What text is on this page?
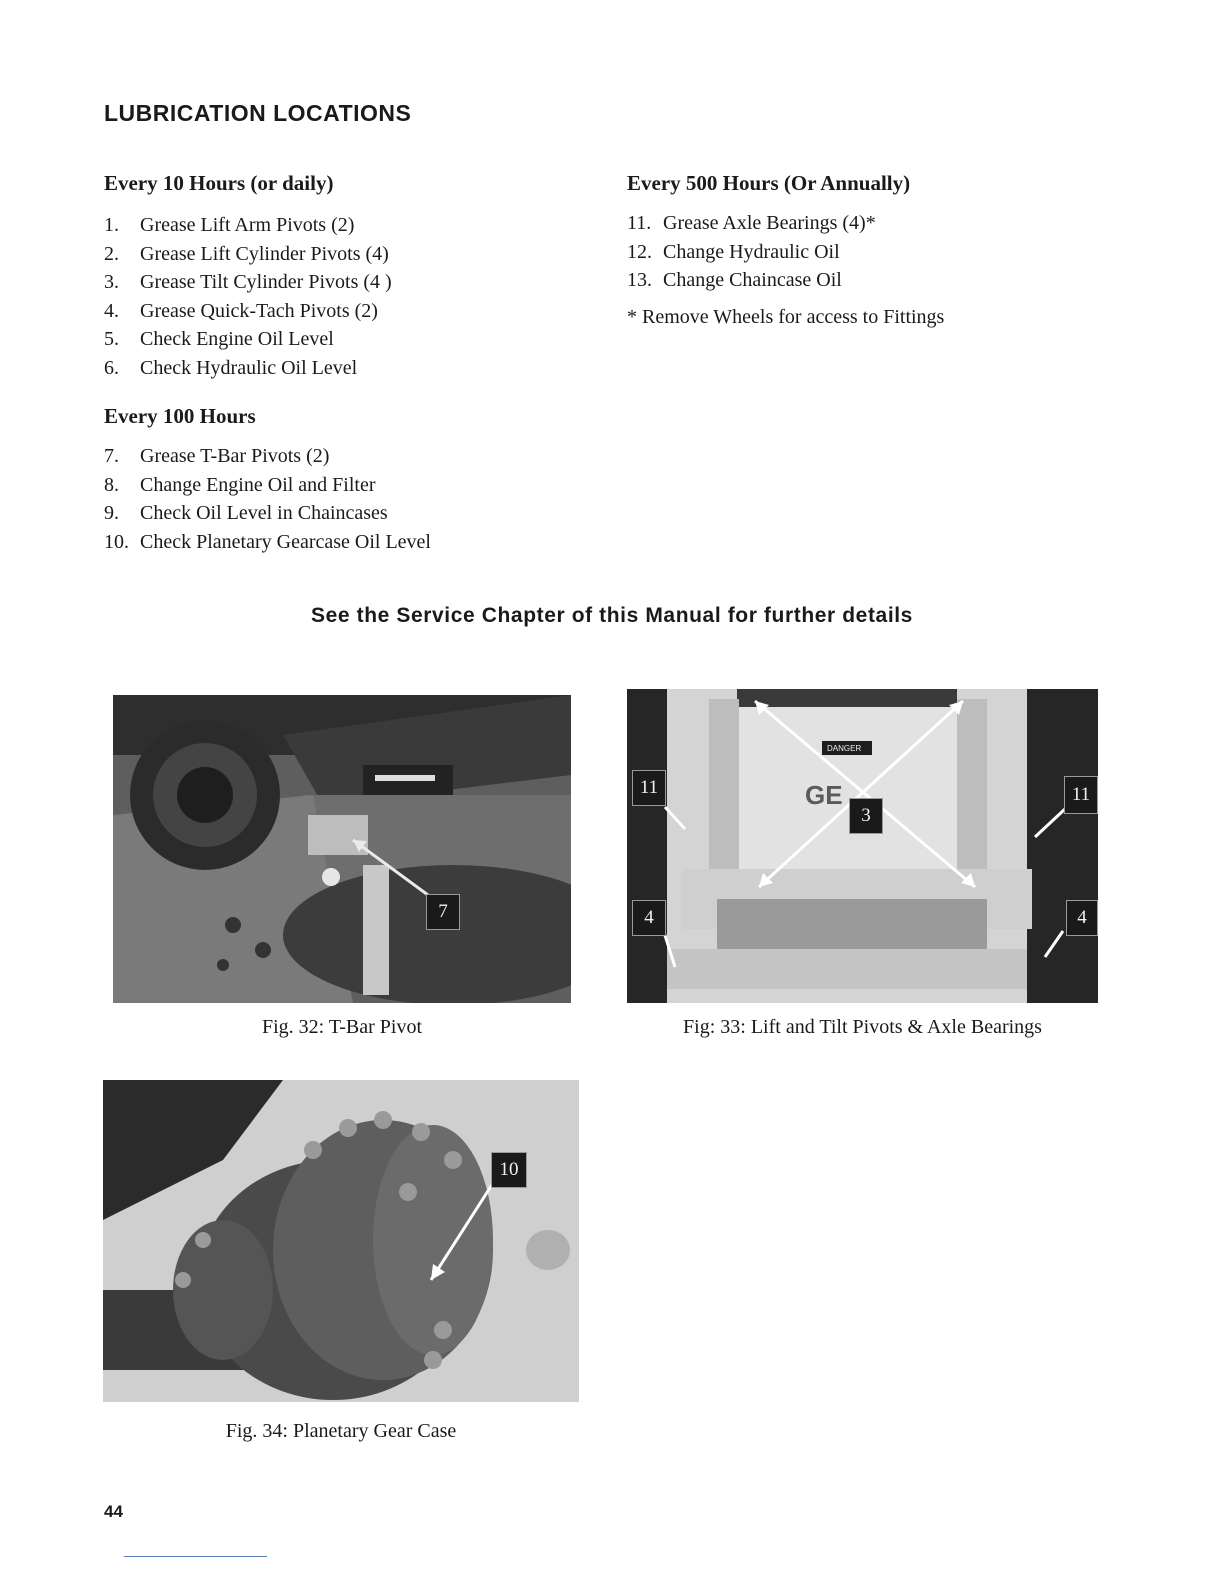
LUBRICATION LOCATIONS
Every 10 Hours (or daily)
1.	Grease Lift Arm Pivots (2)
2.	Grease Lift Cylinder Pivots (4)
3.	Grease Tilt Cylinder Pivots (4 )
4.	Grease Quick-Tach Pivots (2)
5.	Check Engine Oil Level
6.	Check Hydraulic Oil Level
Every 100 Hours
7.	Grease T-Bar Pivots (2)
8.	Change Engine Oil and Filter
9.	Check Oil Level in Chaincases
10. Check Planetary Gearcase Oil Level
Every 500 Hours (Or Annually)
11. Grease Axle Bearings (4)*
12. Change Hydraulic Oil
13. Change Chaincase Oil

* Remove Wheels for access to Fittings

See the Service Chapter of this Manual for further details

7

Fig. 32: T-Bar Pivot

DANGER
GE
11
3
11
4	4

Fig: 33: Lift and Tilt Pivots & Axle Bearings

10

Fig. 34: Planetary Gear Case

44
